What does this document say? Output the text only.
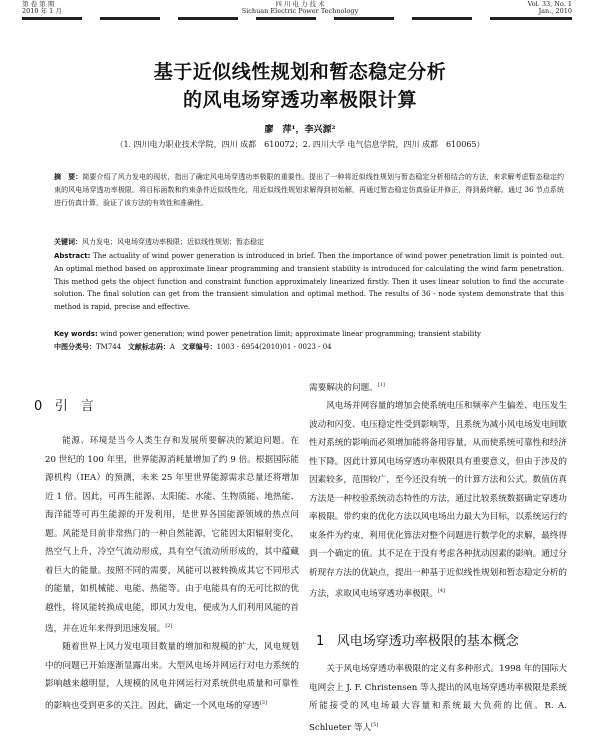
第 卷 第 期
2010 年 1 月
四 川 电 力 技 术
Sichuan Electric Power Technology
Vol. 33, No. 1
Jan., 2010
基于近似线性规划和暂态稳定分析
的风电场穿透功率极限计算
廖　萍¹，李兴源²
（1. 四川电力职业技术学院，四川 成都　610072；2. 四川大学 电气信息学院，四川 成都　610065）
摘　要：简要介绍了风力发电的现状，指出了确定风电场穿透功率极限的重要性。提出了一种将近似线性规划与暂态稳定分析相结合的方法，来求解考虑暂态稳定约束的风电场穿透功率极限。将目标函数和约束条件近似线性化，用近似线性规划求解得到初始解，再通过暂态稳定仿真验证并修正，得到最终解。通过 36 节点系统进行仿真计算，验证了该方法的有效性和准确性。
关键词：风力发电；风电场穿透功率极限；近似线性规划；暂态稳定
Abstract: The actuality of wind power generation is introduced in brief. Then the importance of wind power penetration limit is pointed out. An optimal method based on approximate linear programming and transient stability is introduced for calculating the wind farm penetration. This method gets the object function and constraint function approximately linearized firstly. Then it uses linear solution to find the accurate solution. The final solution can get from the transient simulation and optimal method. The results of 36 - node system demonstrate that this method is rapid, precise and effective.
Key words: wind power generation; wind power penetration limit; approximate linear programming; transient stability
中图分类号：TM744 文献标志码：A 文章编号：1003 - 6954(2010)01 - 0023 - 04
0 引　言

能源、环境是当今人类生存和发展所要解决的紧迫问题。在 20 世纪的 100 年里，世界能源消耗量增加了约 9 倍。根据国际能源机构（IEA）的预测，未来 25 年里世界能源需求总量还将增加近 1 倍。因此，可再生能源、太阳能、水能、生物质能、地热能、海洋能等可再生能源的开发利用，是世界各国能源领域的热点问题。风能是目前非常热门的一种自然能源，它能因太阳辐射变化，热空气上升，冷空气流动形成，具有空气流动所形成的，其中蕴藏着巨大的能量。按照不同的需要，风能可以被转换成其它不同形式的能量，如机械能、电能、热能等。由于电能具有的无可比拟的优越性，将风能转换成电能，即风力发电，便成为人们利用风能的首选，并在近年来得到迅速发展。[2]

随着世界上风力发电项目数量的增加和规模的扩大，风电规划中的问题已开始逐渐显露出来。大型风电场并网运行对电力系统的影响越来越明显，人规模的风电并网运行对系统供电质量和可靠性的影响也受到更多的关注。因此，确定一个风电场的穿透[3]

需要解决的问题。[1]

风电场并网容量的增加会使系统电压和频率产生偏差、电压发生波动和闪变、电压稳定性受到影响等，且系统为减小风电场发电间歇性对系统的影响而必须增加能将备用容量，从而使系统可靠性和经济性下降。因此计算风电场穿透功率极限具有重要意义，但由于涉及的因素较多，范围较广，至今还没有统一的计算方法和公式。数值仿真方法是一种校验系统动态特性的方法，通过比较系统数据确定穿透功率极限。带约束的优化方法以风电场出力最大为目标，以系统运行约束条件为约束，利用优化算法对整个问题进行数学化的求解，最终得到一个确定的值。其不足在于没有考虑各种扰动因素的影响。通过分析现存方法的优缺点，提出一种基于近似线性规划和暂态稳定分析的方法，求取风电场穿透功率极限。[4]

1 风电场穿透功率极限的基本概念

关于风电场穿透功率极限的定义有多种形式。1998 年的国际大电网会上 J. F. Christensen 等人提出的风电场穿透功率极限是系统所能接受的风电场最大容量和系统最大负荷的比值。R. A. Schlueter 等人[5]
